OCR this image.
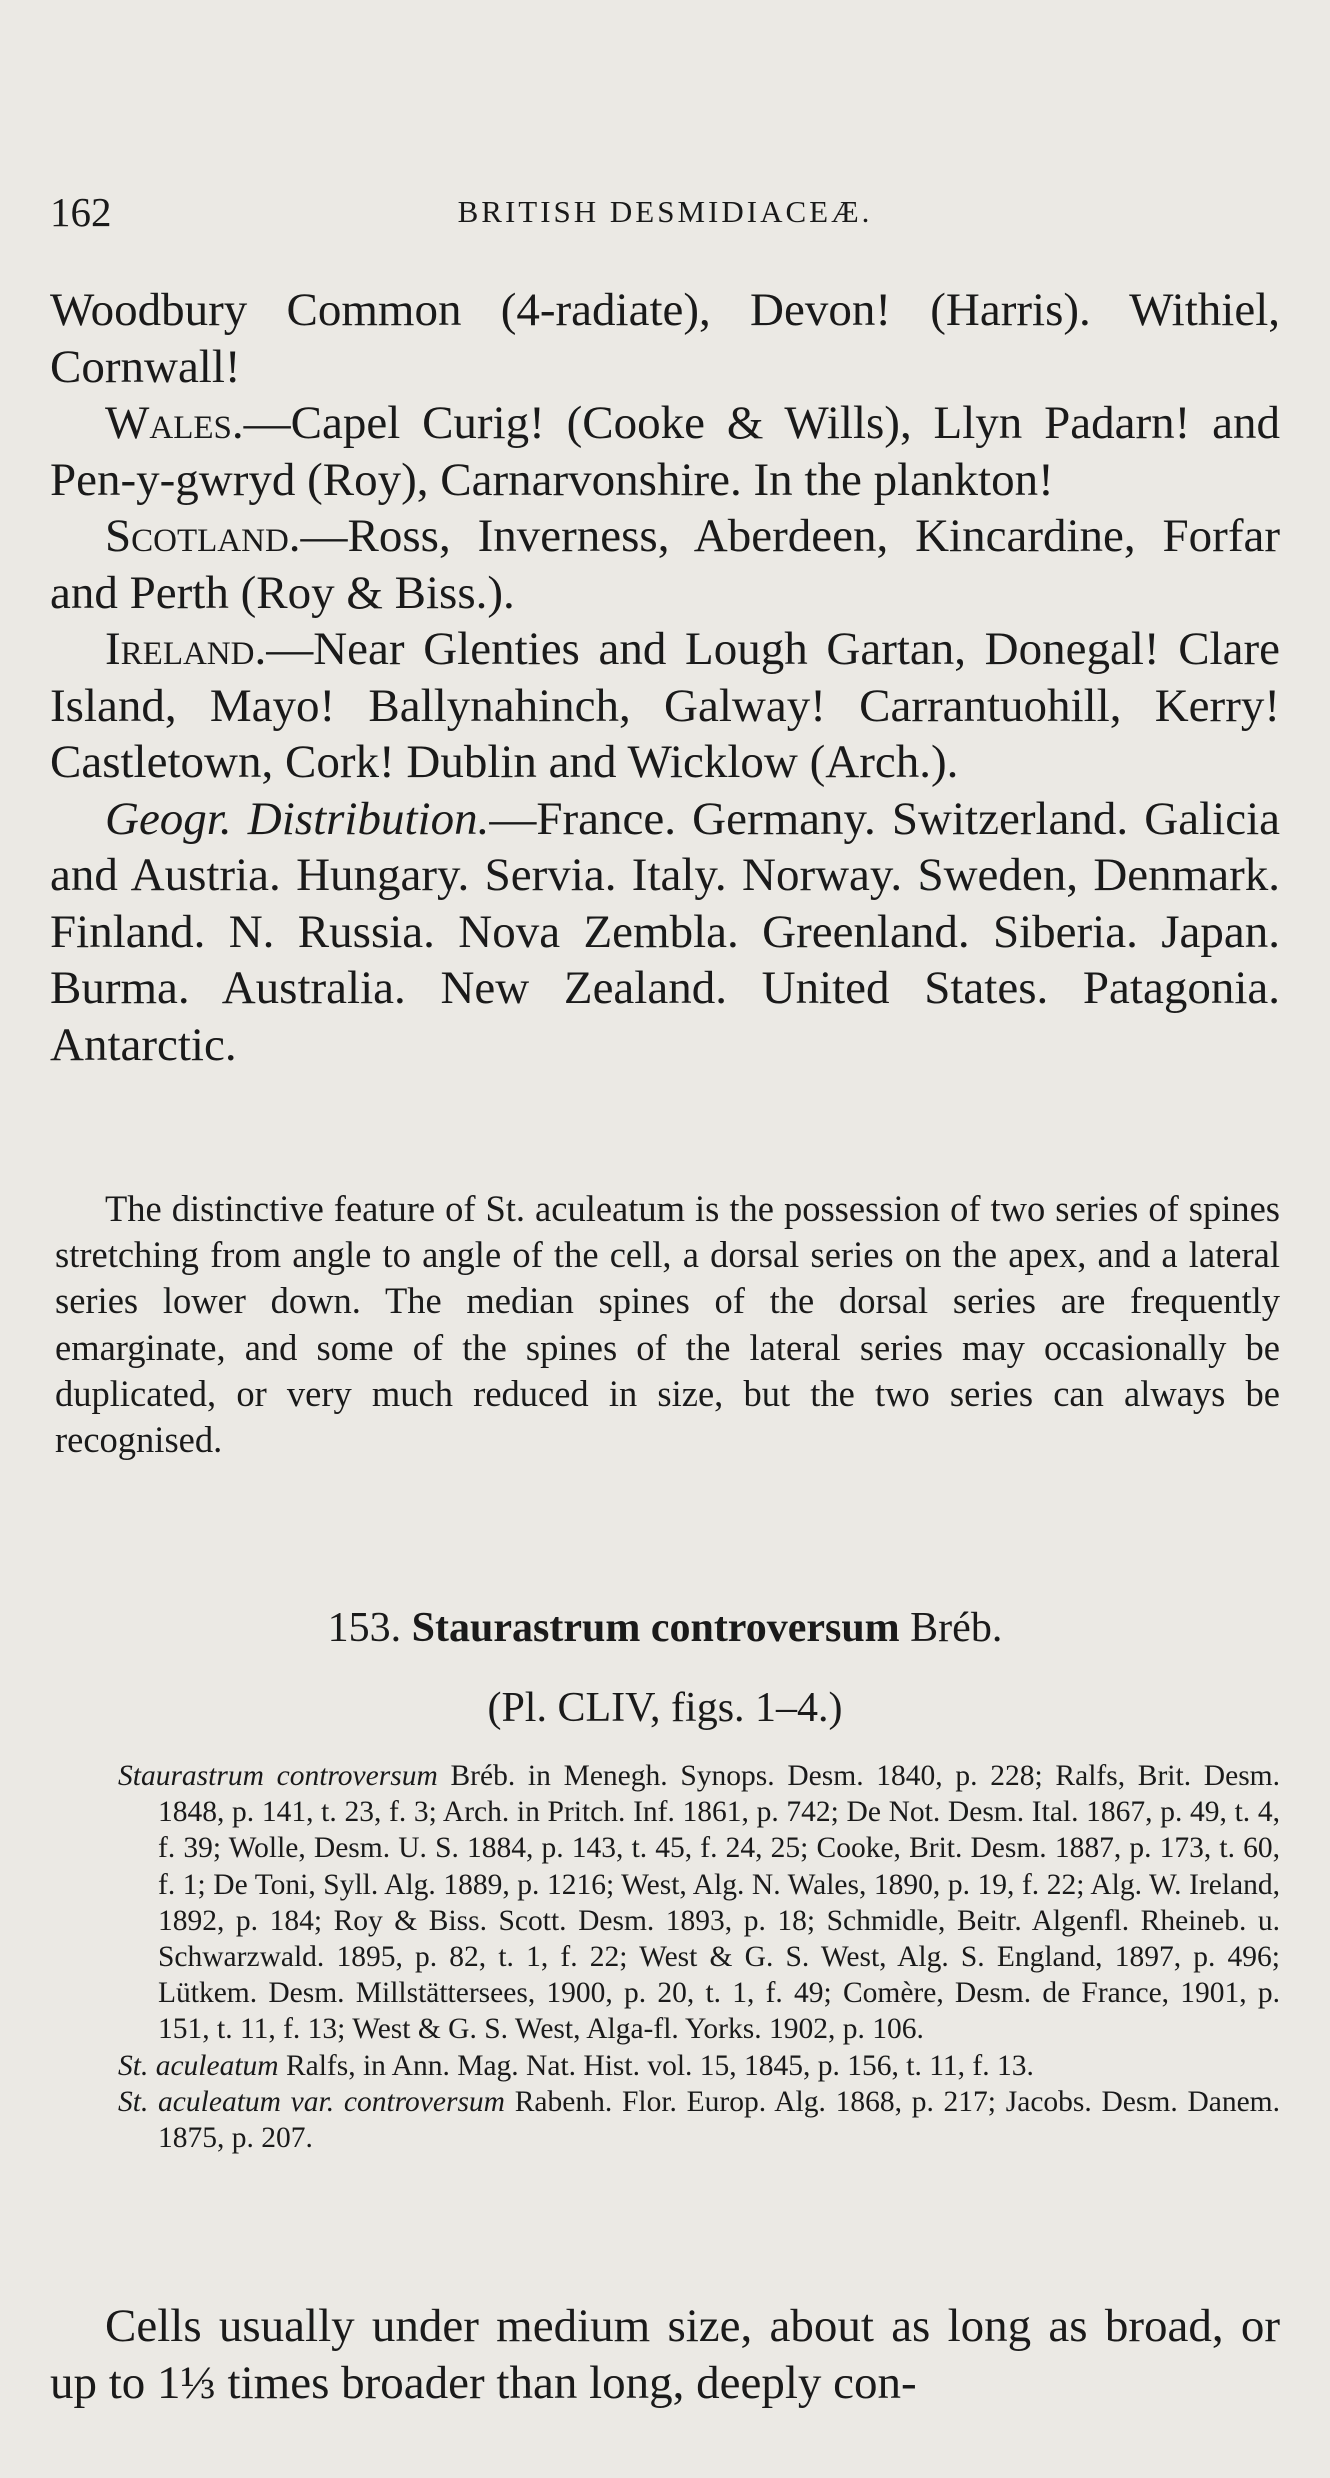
162	BRITISH DESMIDIACEÆ.

Woodbury Common (4-radiate), Devon! (Harris). Withiel, Cornwall!

Wales.—Capel Curig! (Cooke & Wills), Llyn Padarn! and Pen-y-gwryd (Roy), Carnarvonshire. In the plankton!

Scotland.—Ross, Inverness, Aberdeen, Kincardine, Forfar and Perth (Roy & Biss.).

Ireland.—Near Glenties and Lough Gartan, Donegal! Clare Island, Mayo! Ballynahinch, Galway! Carrantuohill, Kerry! Castletown, Cork! Dublin and Wicklow (Arch.).

Geogr. Distribution.—France. Germany. Switzerland. Galicia and Austria. Hungary. Servia. Italy. Norway. Sweden, Denmark. Finland. N. Russia. Nova Zembla. Greenland. Siberia. Japan. Burma. Australia. New Zealand. United States. Patagonia. Antarctic.

The distinctive feature of St. aculeatum is the possession of two series of spines stretching from angle to angle of the cell, a dorsal series on the apex, and a lateral series lower down. The median spines of the dorsal series are frequently emarginate, and some of the spines of the lateral series may occasionally be duplicated, or very much reduced in size, but the two series can always be recognised.

153. Staurastrum controversum Bréb.
(Pl. CLIV, figs. 1–4.)

Staurastrum controversum Bréb. in Menegh. Synops. Desm. 1840, p. 228; Ralfs, Brit. Desm. 1848, p. 141, t. 23, f. 3; Arch. in Pritch. Inf. 1861, p. 742; De Not. Desm. Ital. 1867, p. 49, t. 4, f. 39; Wolle, Desm. U. S. 1884, p. 143, t. 45, f. 24, 25; Cooke, Brit. Desm. 1887, p. 173, t. 60, f. 1; De Toni, Syll. Alg. 1889, p. 1216; West, Alg. N. Wales, 1890, p. 19, f. 22; Alg. W. Ireland, 1892, p. 184; Roy & Biss. Scott. Desm. 1893, p. 18; Schmidle, Beitr. Algenfl. Rheineb. u. Schwarzwald. 1895, p. 82, t. 1, f. 22; West & G. S. West, Alg. S. England, 1897, p. 496; Lütkem. Desm. Millstättersees, 1900, p. 20, t. 1, f. 49; Comère, Desm. de France, 1901, p. 151, t. 11, f. 13; West & G. S. West, Alga-fl. Yorks. 1902, p. 106.

St. aculeatum Ralfs, in Ann. Mag. Nat. Hist. vol. 15, 1845, p. 156, t. 11, f. 13.

St. aculeatum var. controversum Rabenh. Flor. Europ. Alg. 1868, p. 217; Jacobs. Desm. Danem. 1875, p. 207.

Cells usually under medium size, about as long as broad, or up to 1⅓ times broader than long, deeply con-
